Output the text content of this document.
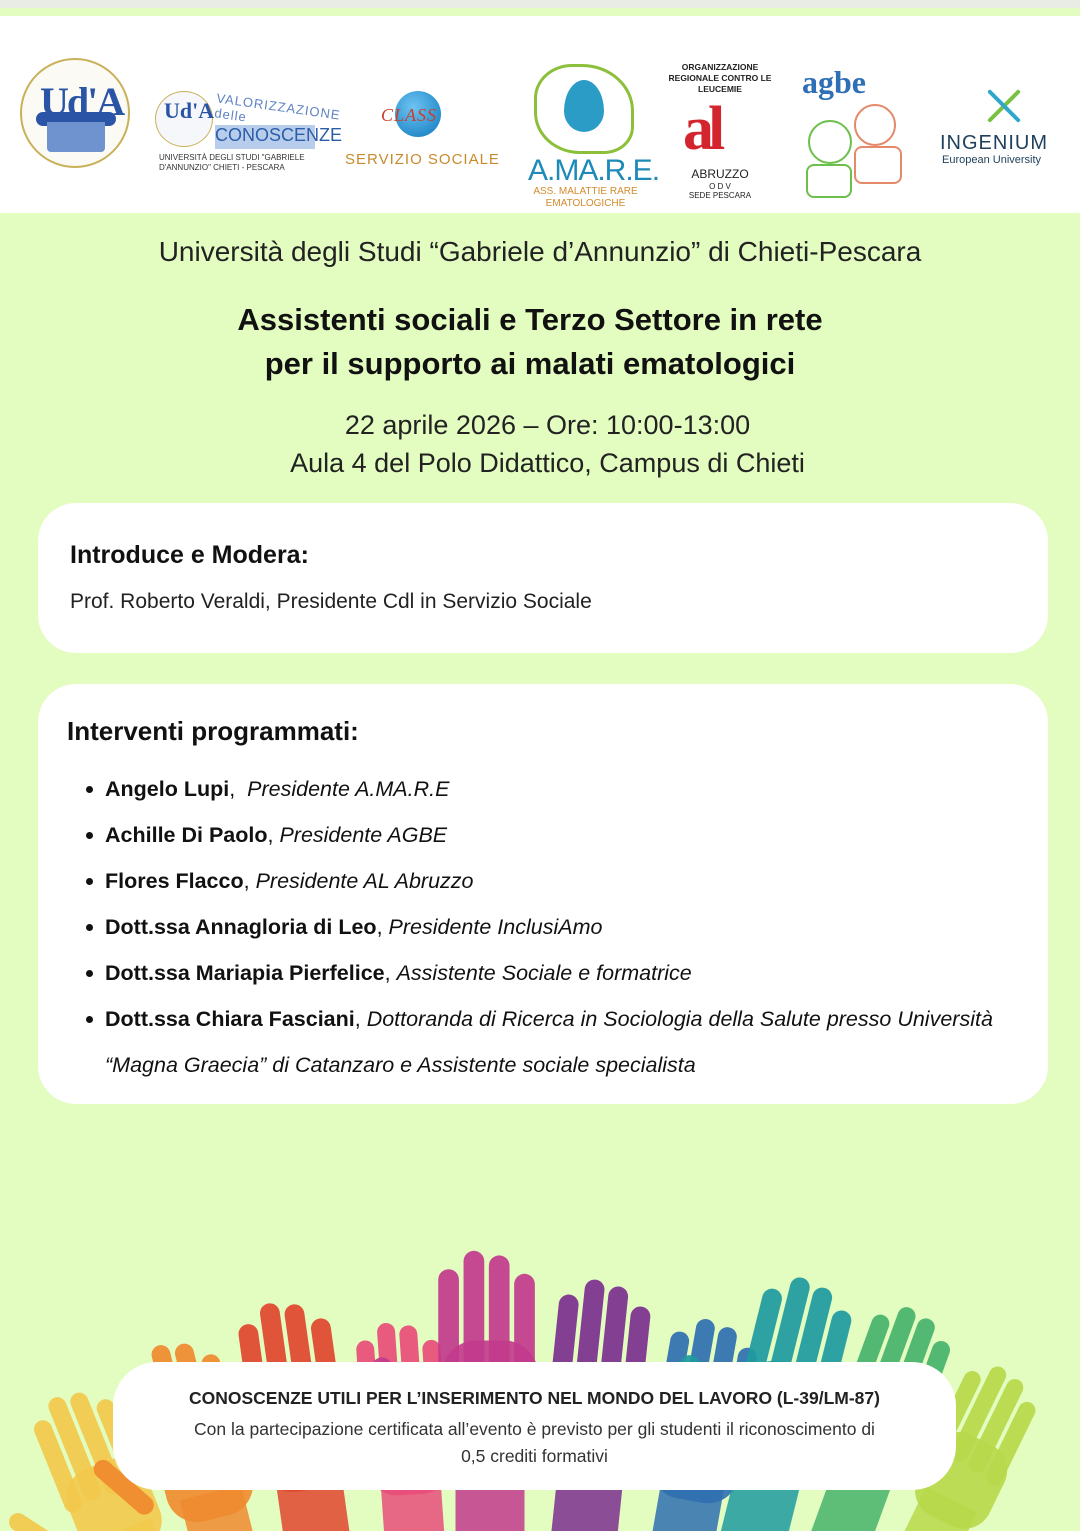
Ud'A Ud'A VALORIZZAZIONE delle
CONOSCENZE
UNIVERSITÀ DEGLI STUDI "GABRIELE D'ANNUNZIO" CHIETI - PESCARA
CLASS
SERVIZIO SOCIALE A.MA.R.E.
ASS. MALATTIE RARE EMATOLOGICHE
ORGANIZZAZIONE REGIONALE CONTRO LE LEUCEMIE
al
ABRUZZO
O D V
SEDE PESCARA
agbe
INGENIUM
European University
Università degli Studi “Gabriele d’Annunzio” di Chieti-Pescara
Assistenti sociali e Terzo Settore in rete
per il supporto ai malati ematologici
22 aprile 2026 – Ore: 10:00-13:00
Aula 4 del Polo Didattico, Campus di Chieti
Introduce e Modera:

Prof. Roberto Veraldi, Presidente Cdl in Servizio Sociale

Interventi programmati:
Angelo Lupi,  Presidente A.MA.R.E
Achille Di Paolo, Presidente AGBE
Flores Flacco, Presidente AL Abruzzo
Dott.ssa Annagloria di Leo, Presidente InclusiAmo
Dott.ssa Mariapia Pierfelice, Assistente Sociale e formatrice
Dott.ssa Chiara Fasciani, Dottoranda di Ricerca in Sociologia della Salute presso Università “Magna Graecia” di Catanzaro e Assistente sociale specialista
CONOSCENZE UTILI PER L’INSERIMENTO NEL MONDO DEL LAVORO (L-39/LM-87)
Con la partecipazione certificata all’evento è previsto per gli studenti il riconoscimento di 0,5 crediti formativi
